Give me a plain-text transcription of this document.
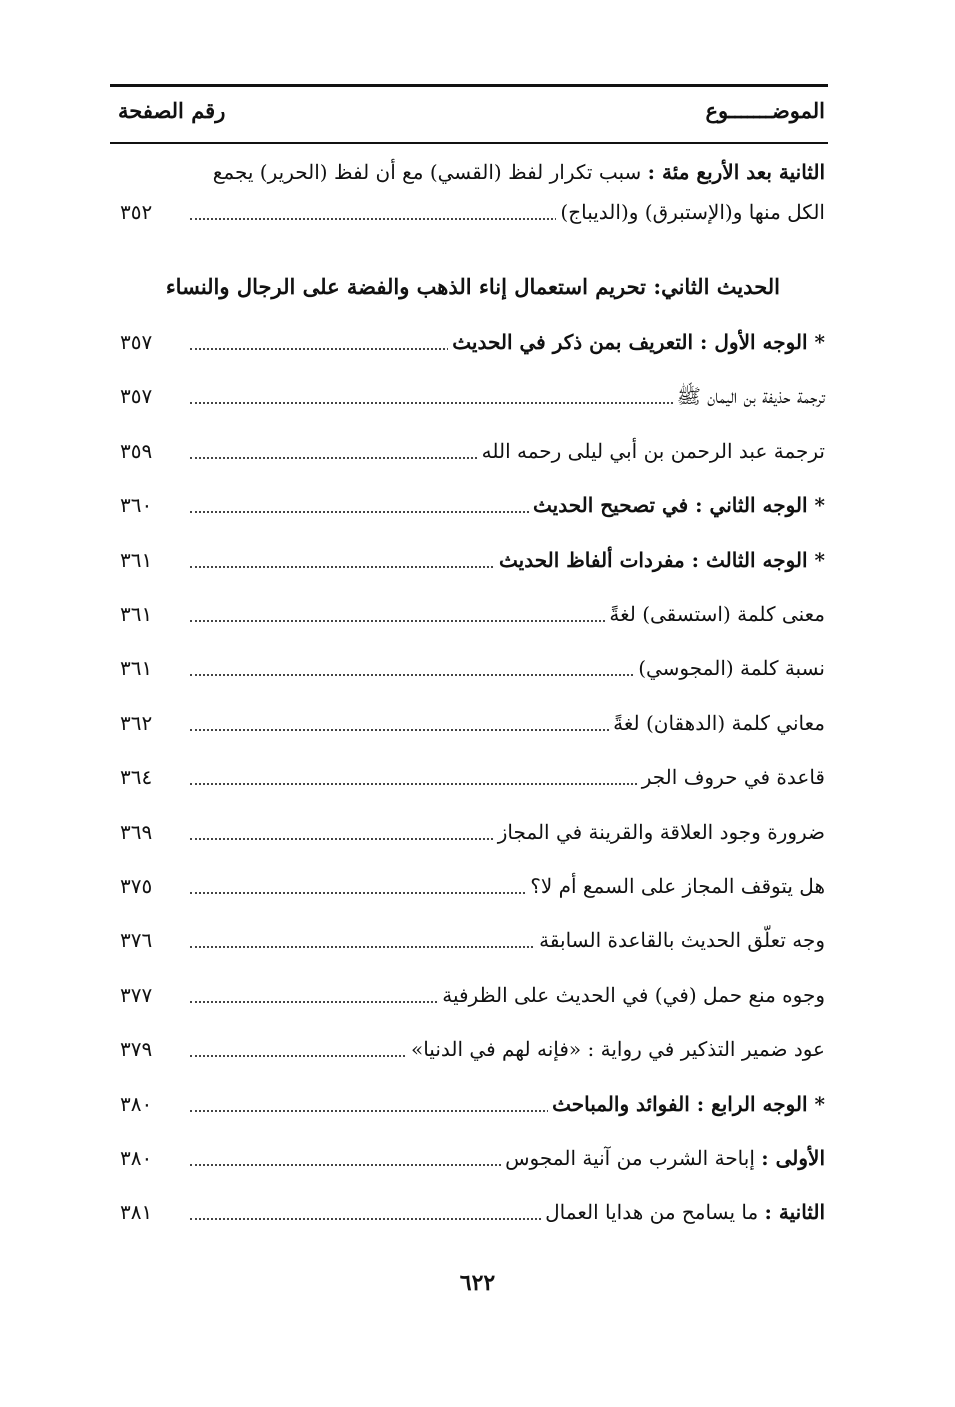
الموضـــــــوع
رقم الصفحة
الثانية بعد الأربع مئة : سبب تكرار لفظ (القسي) مع أن لفظ (الحرير) يجمع
الكل منها و(الإستبرق) و(الديباج)
٣٥٢
الحديث الثاني: تحريم استعمال إناء الذهب والفضة على الرجال والنساء
* الوجه الأول : التعريف بمن ذكر في الحديث
٣٥٧
ترجمة حذيفة بن اليمان ﷺ
٣٥٧
ترجمة عبد الرحمن بن أبي ليلى رحمه الله
٣٥٩
* الوجه الثاني : في تصحيح الحديث
٣٦٠
* الوجه الثالث : مفردات ألفاظ الحديث
٣٦١
معنى كلمة (استسقى) لغةً
٣٦١
نسبة كلمة (المجوسي)
٣٦١
معاني كلمة (الدهقان) لغةً
٣٦٢
قاعدة في حروف الجر
٣٦٤
ضرورة وجود العلاقة والقرينة في المجاز
٣٦٩
هل يتوقف المجاز على السمع أم لا؟
٣٧٥
وجه تعلّق الحديث بالقاعدة السابقة
٣٧٦
وجوه منع حمل (في) في الحديث على الظرفية
٣٧٧
عود ضمير التذكير في رواية : «فإنه لهم في الدنيا»
٣٧٩
* الوجه الرابع : الفوائد والمباحث
٣٨٠
الأولى : إباحة الشرب من آنية المجوس
٣٨٠
الثانية : ما يسامح من هدايا العمال
٣٨١
٦٢٢
